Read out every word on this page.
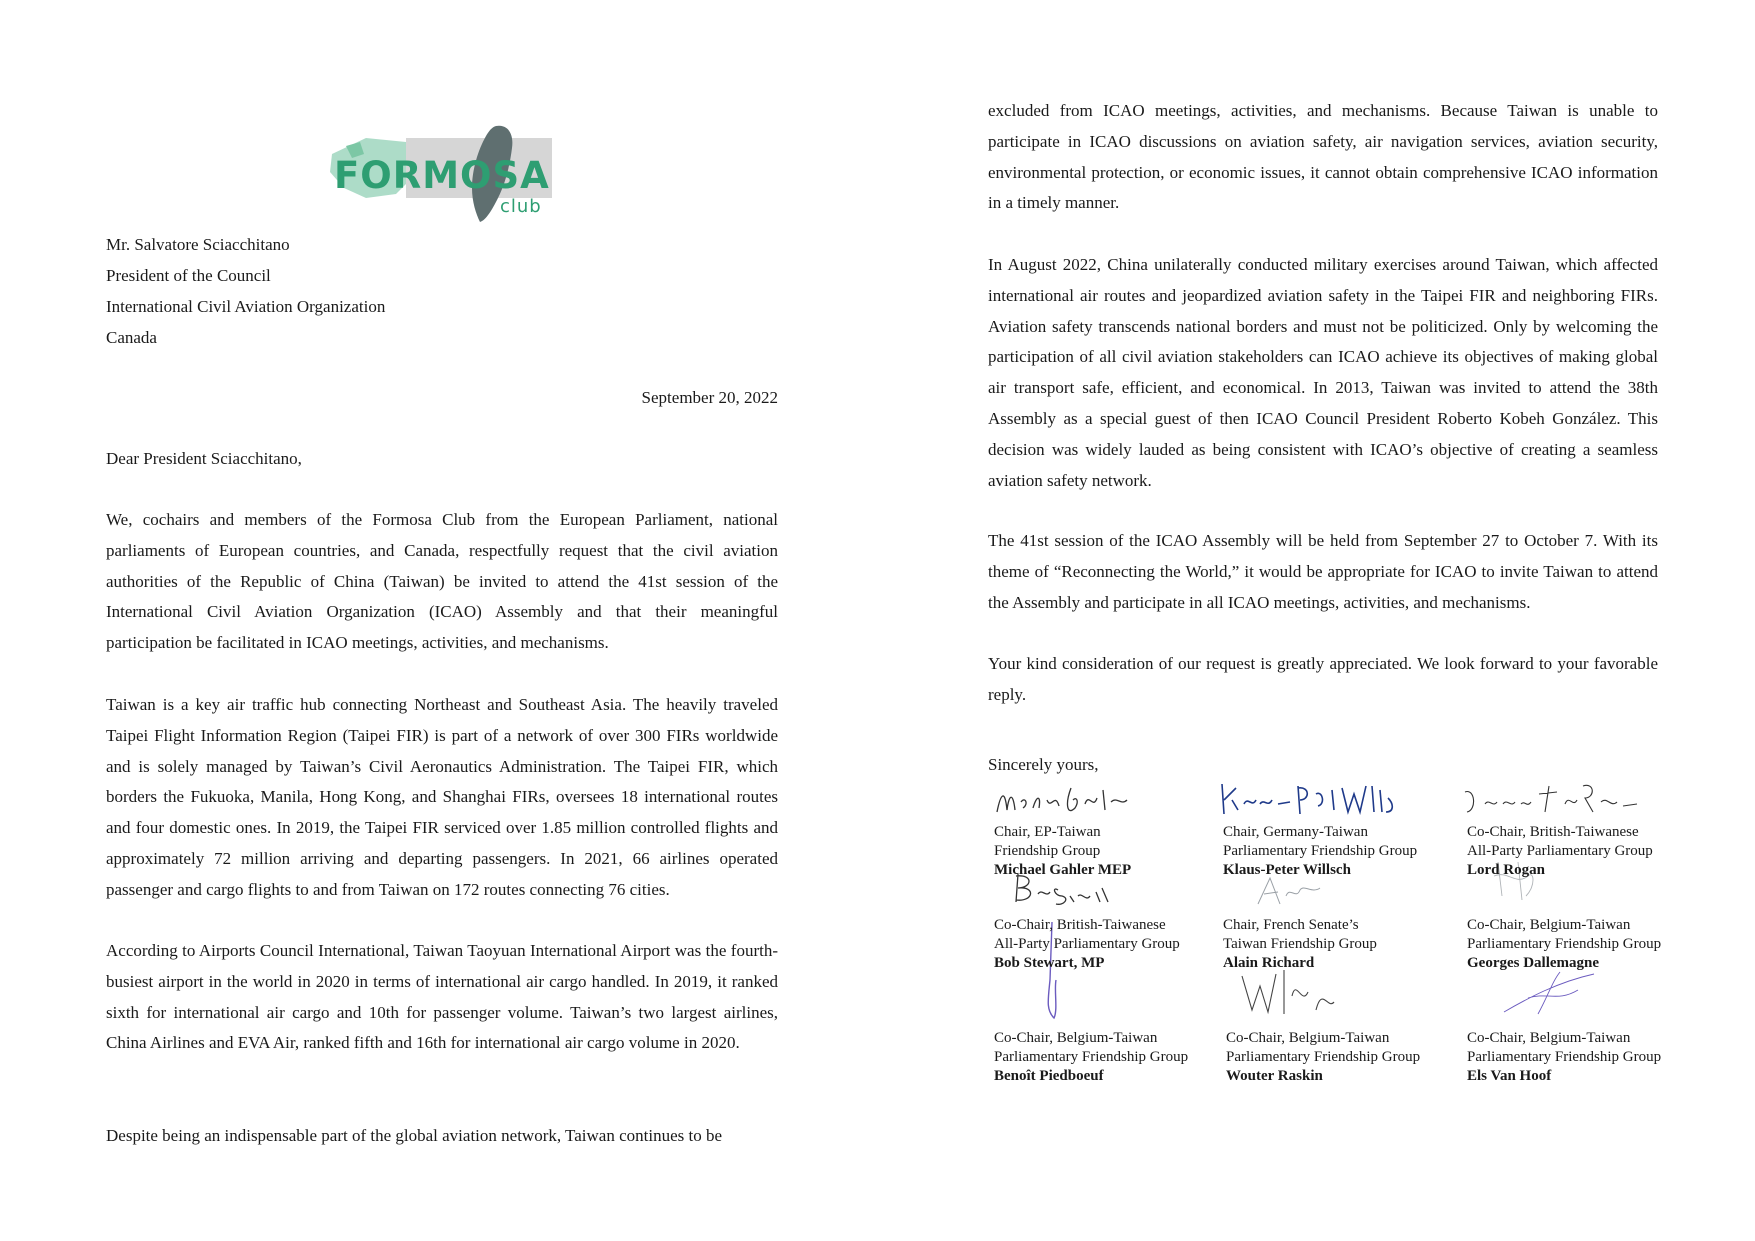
FORMOSA
club
Mr. Salvatore Sciacchitano
President of the Council
International Civil Aviation Organization
Canada
September 20, 2022
Dear President Sciacchitano,

We, cochairs and members of the Formosa Club from the European Parliament, national parliaments of European countries, and Canada, respectfully request that the civil aviation authorities of the Republic of China (Taiwan) be invited to attend the 41st session of the International Civil Aviation Organization (ICAO) Assembly and that their meaningful participation be facilitated in ICAO meetings, activities, and mechanisms.

Taiwan is a key air traffic hub connecting Northeast and Southeast Asia. The heavily traveled Taipei Flight Information Region (Taipei FIR) is part of a network of over 300 FIRs worldwide and is solely managed by Taiwan’s Civil Aeronautics Administration. The Taipei FIR, which borders the Fukuoka, Manila, Hong Kong, and Shanghai FIRs, oversees 18 international routes and four domestic ones. In 2019, the Taipei FIR serviced over 1.85 million controlled flights and approximately 72 million arriving and departing passengers. In 2021, 66 airlines operated passenger and cargo flights to and from Taiwan on 172 routes connecting 76 cities.

According to Airports Council International, Taiwan Taoyuan International Airport was the fourth-busiest airport in the world in 2020 in terms of international air cargo handled. In 2019, it ranked sixth for international air cargo and 10th for passenger volume. Taiwan’s two largest airlines, China Airlines and EVA Air, ranked fifth and 16th for international air cargo volume in 2020.

Despite being an indispensable part of the global aviation network, Taiwan continues to be

excluded from ICAO meetings, activities, and mechanisms. Because Taiwan is unable to participate in ICAO discussions on aviation safety, air navigation services, aviation security, environmental protection, or economic issues, it cannot obtain comprehensive ICAO information in a timely manner.

In August 2022, China unilaterally conducted military exercises around Taiwan, which affected international air routes and jeopardized aviation safety in the Taipei FIR and neighboring FIRs. Aviation safety transcends national borders and must not be politicized. Only by welcoming the participation of all civil aviation stakeholders can ICAO achieve its objectives of making global air transport safe, efficient, and economical. In 2013, Taiwan was invited to attend the 38th Assembly as a special guest of then ICAO Council President Roberto Kobeh González. This decision was widely lauded as being consistent with ICAO’s objective of creating a seamless aviation safety network.

The 41st session of the ICAO Assembly will be held from September 27 to October 7. With its theme of “Reconnecting the World,” it would be appropriate for ICAO to invite Taiwan to attend the Assembly and participate in all ICAO meetings, activities, and mechanisms.

Your kind consideration of our request is greatly appreciated. We look forward to your favorable reply.

Sincerely yours,
Chair, EP-Taiwan
Friendship Group
Michael Gahler MEP
Chair, Germany-Taiwan
Parliamentary Friendship Group
Klaus-Peter Willsch
Co-Chair, British-Taiwanese
All-Party Parliamentary Group
Lord Rogan
Co-Chair, British-Taiwanese
All-Party Parliamentary Group
Bob Stewart, MP
Chair, French Senate’s
Taiwan Friendship Group
Alain Richard
Co-Chair, Belgium-Taiwan
Parliamentary Friendship Group
Georges Dallemagne
Co-Chair, Belgium-Taiwan
Parliamentary Friendship Group
Benoît Piedboeuf
Co-Chair, Belgium-Taiwan
Parliamentary Friendship Group
Wouter Raskin
Co-Chair, Belgium-Taiwan
Parliamentary Friendship Group
Els Van Hoof
